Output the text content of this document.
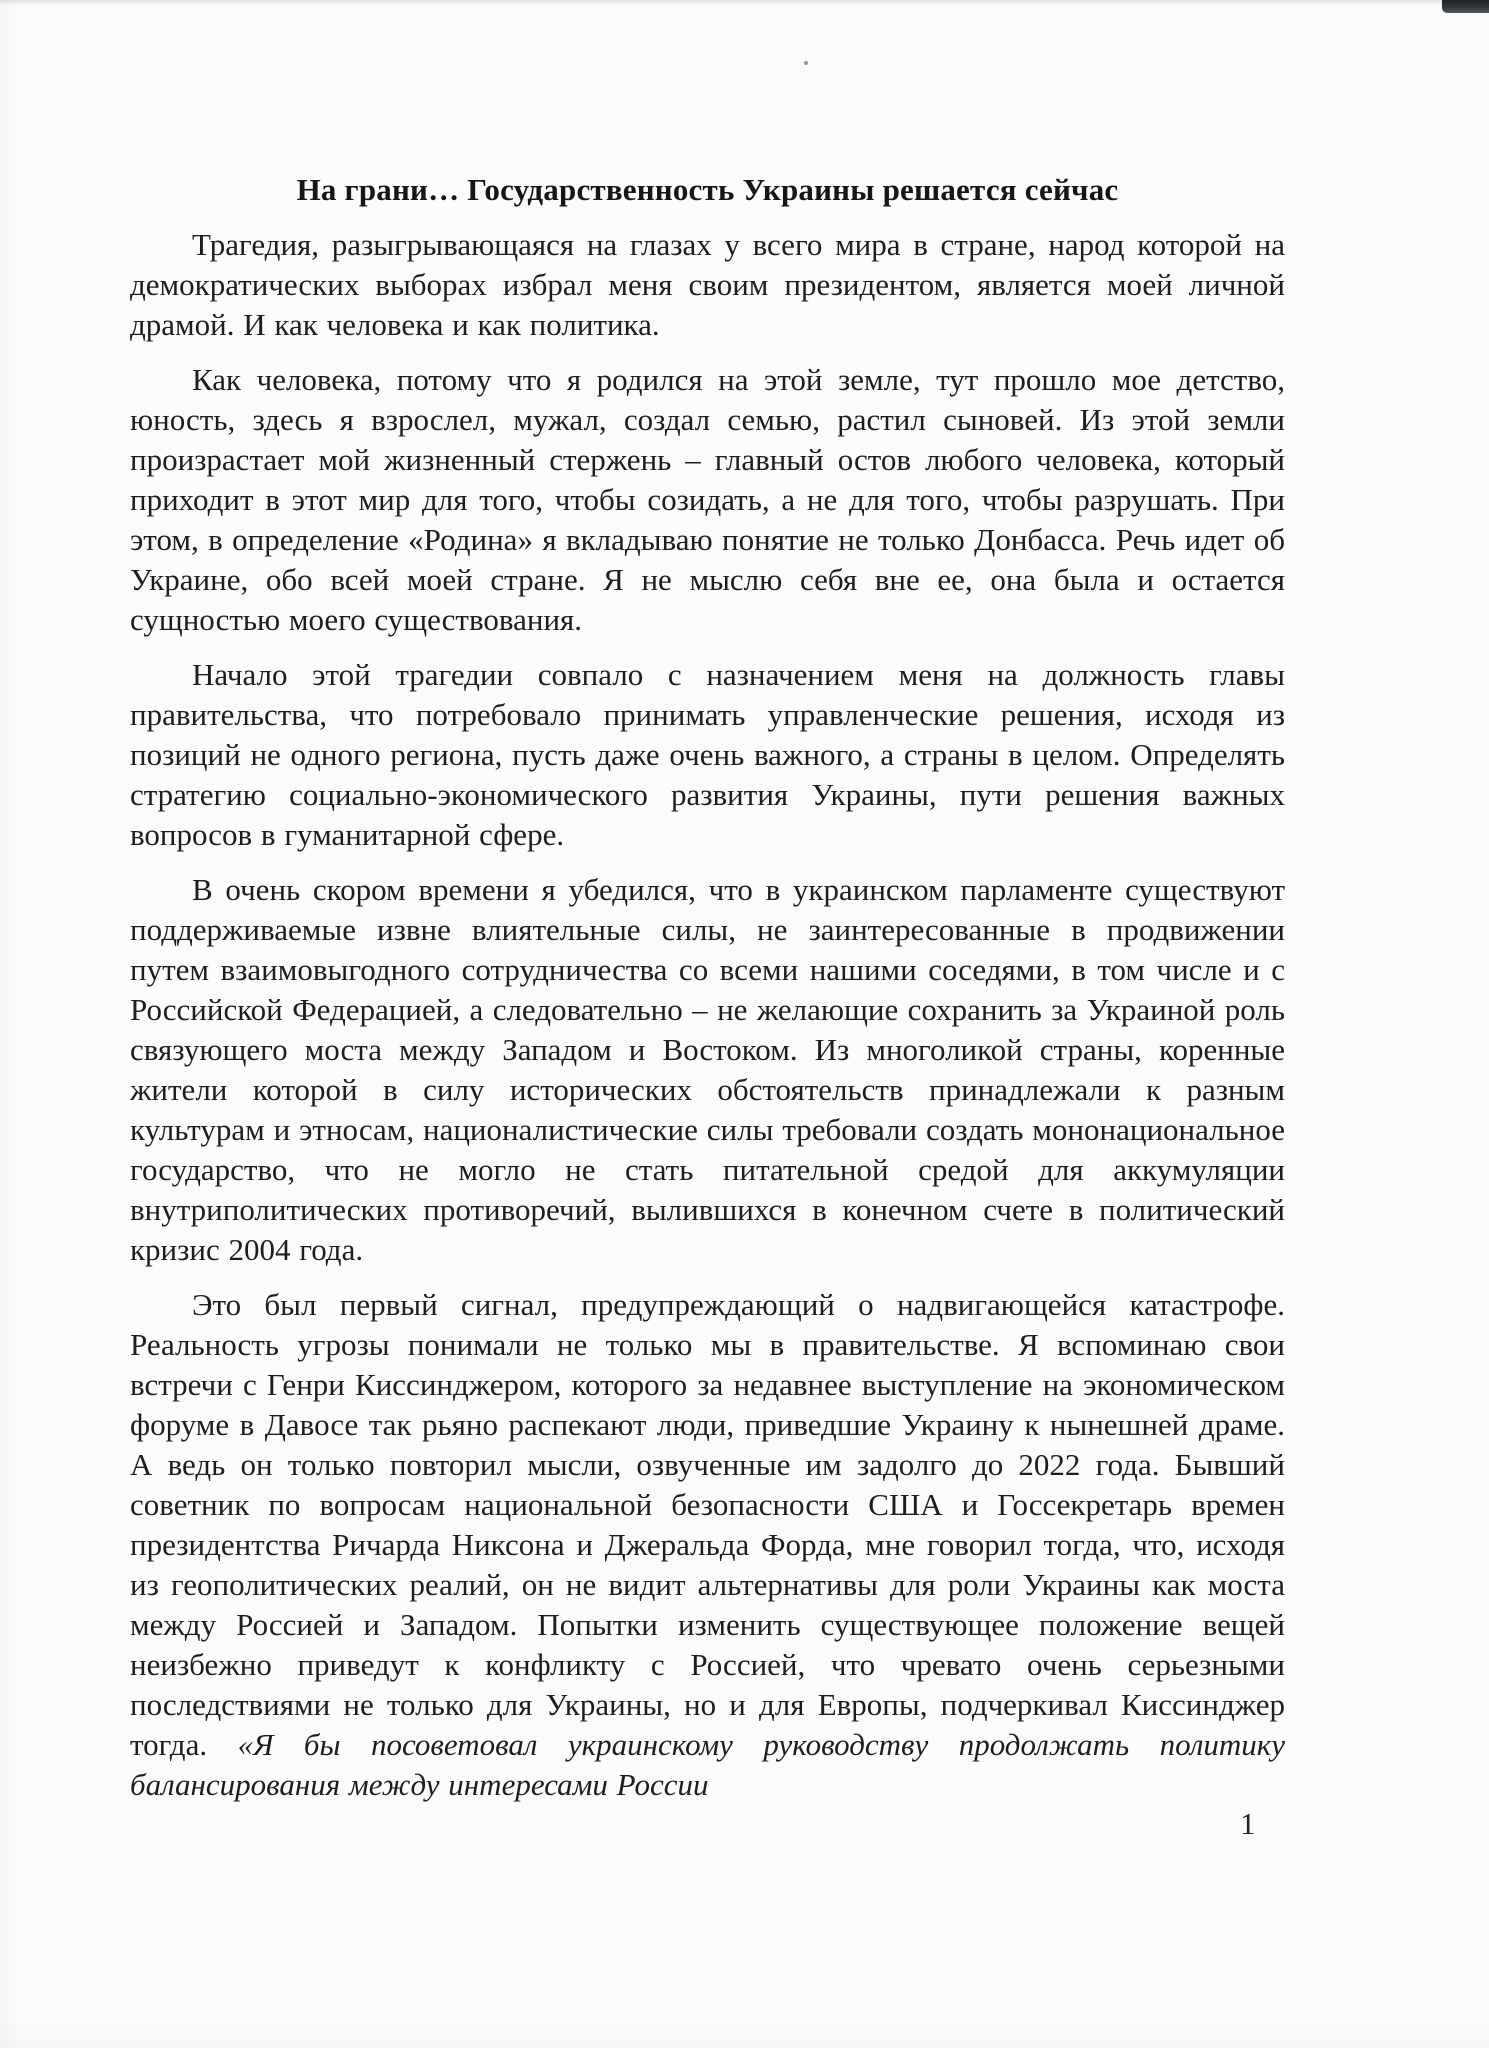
На грани… Государственность Украины решается сейчас

Трагедия, разыгрывающаяся на глазах у всего мира в стране, народ которой на демократических выборах избрал меня своим президентом, является моей личной драмой. И как человека и как политика.

Как человека, потому что я родился на этой земле, тут прошло мое детство, юность, здесь я взрослел, мужал, создал семью, растил сыновей. Из этой земли произрастает мой жизненный стержень – главный остов любого человека, который приходит в этот мир для того, чтобы созидать, а не для того, чтобы разрушать. При этом, в определение «Родина» я вкладываю понятие не только Донбасса. Речь идет об Украине, обо всей моей стране. Я не мыслю себя вне ее, она была и остается сущностью моего существования.

Начало этой трагедии совпало с назначением меня на должность главы правительства, что потребовало принимать управленческие решения, исходя из позиций не одного региона, пусть даже очень важного, а страны в целом. Определять стратегию социально-экономического развития Украины, пути решения важных вопросов в гуманитарной сфере.

В очень скором времени я убедился, что в украинском парламенте существуют поддерживаемые извне влиятельные силы, не заинтересованные в продвижении путем взаимовыгодного сотрудничества со всеми нашими соседями, в том числе и с Российской Федерацией, а следовательно – не желающие сохранить за Украиной роль связующего моста между Западом и Востоком. Из многоликой страны, коренные жители которой в силу исторических обстоятельств принадлежали к разным культурам и этносам, националистические силы требовали создать мононациональное государство, что не могло не стать питательной средой для аккумуляции внутриполитических противоречий, вылившихся в конечном счете в политический кризис 2004 года.

Это был первый сигнал, предупреждающий о надвигающейся катастрофе. Реальность угрозы понимали не только мы в правительстве. Я вспоминаю свои встречи с Генри Киссинджером, которого за недавнее выступление на экономическом форуме в Давосе так рьяно распекают люди, приведшие Украину к нынешней драме. А ведь он только повторил мысли, озвученные им задолго до 2022 года. Бывший советник по вопросам национальной безопасности США и Госсекретарь времен президентства Ричарда Никсона и Джеральда Форда, мне говорил тогда, что, исходя из геополитических реалий, он не видит альтернативы для роли Украины как моста между Россией и Западом. Попытки изменить существующее положение вещей неизбежно приведут к конфликту с Россией, что чревато очень серьезными последствиями не только для Украины, но и для Европы, подчеркивал Киссинджер тогда. «Я бы посоветовал украинскому руководству продолжать политику балансирования между интересами России

1
